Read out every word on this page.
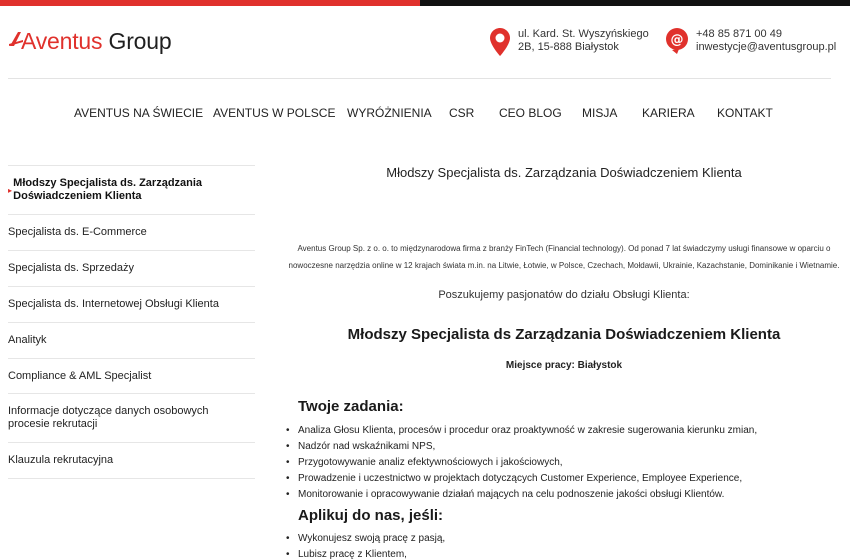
Aventus Group	ul. Kard. St. Wyszyńskiego
2B, 15-888 Białystok	@ +48 85 871 00 49
inwestycje@aventusgroup.pl
AVENTUS NA ŚWIECIE AVENTUS W POLSCE WYRÓŻNIENIA CSR CEO BLOG MISJA KARIERA KONTAKT
▸
Młodszy Specjalista ds. Zarządzania Doświadczeniem Klienta
Specjalista ds. E-Commerce
Specjalista ds. Sprzedaży
Specjalista ds. Internetowej Obsługi Klienta
Analityk
Compliance & AML Specjalist
Informacje dotyczące danych osobowych procesie rekrutacji
Klauzula rekrutacyjna
Młodszy Specjalista ds. Zarządzania Doświadczeniem Klienta
Aventus Group Sp. z o. o. to międzynarodowa firma z branży FinTech (Financial technology). Od ponad 7 lat świadczymy usługi finansowe w oparciu o
nowoczesne narzędzia online w 12 krajach świata m.in. na Litwie, Łotwie, w Polsce, Czechach, Mołdawii, Ukrainie, Kazachstanie, Dominikanie i Wietnamie.
Poszukujemy pasjonatów do działu Obsługi Klienta:
Młodszy Specjalista ds Zarządzania Doświadczeniem Klienta
Miejsce pracy: Białystok
Twoje zadania:
• Analiza Głosu Klienta, procesów i procedur oraz proaktywność w zakresie sugerowania kierunku zmian,
• Nadzór nad wskaźnikami NPS,
• Przygotowywanie analiz efektywnościowych i jakościowych,
• Prowadzenie i uczestnictwo w projektach dotyczących Customer Experience, Employee Experience,
• Monitorowanie i opracowywanie działań mających na celu podnoszenie jakości obsługi Klientów.
Aplikuj do nas, jeśli:
• Wykonujesz swoją pracę z pasją,
• Lubisz pracę z Klientem,
